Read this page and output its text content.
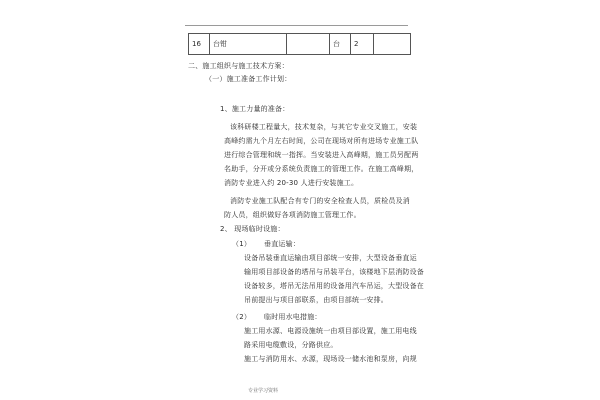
16	台钳		台	2	
二、施工组织与施工技术方案：
（一）施工准备工作计划：
1、施工力量的准备：
该科研楼工程量大，技术复杂，与其它专业交叉施工，安装
高峰约需九个月左右时间，公司在现场对所有进场专业施工队
进行综合管理和统一指挥。当安装进入高峰期，施工员另配两
名助手，分开或分系统负责施工的管理工作。在施工高峰期，
消防专业进入约 20-30 人进行安装施工。
消防专业施工队配合有专门的安全检查人员，质检员及消
防人员，组织做好各项消防施工管理工作。
2、 现场临时设施：
（1） 垂直运输：
设备吊装垂直运输由项目部统一安排，大型设备垂直运
输用项目部设备的塔吊与吊装平台，该楼地下层消防设备
设备较多，塔吊无法吊用的设备用汽车吊运，大型设备在
吊前提出与项目部联系，由项目部统一安排。
（2） 临时用水电措施：
施工用水源、电源设施统一由项目部设置，施工用电线
路采用电缆敷设，分路供应。
施工与消防用水、水源，现场设一储水池和泵房，向规
专业学习资料
